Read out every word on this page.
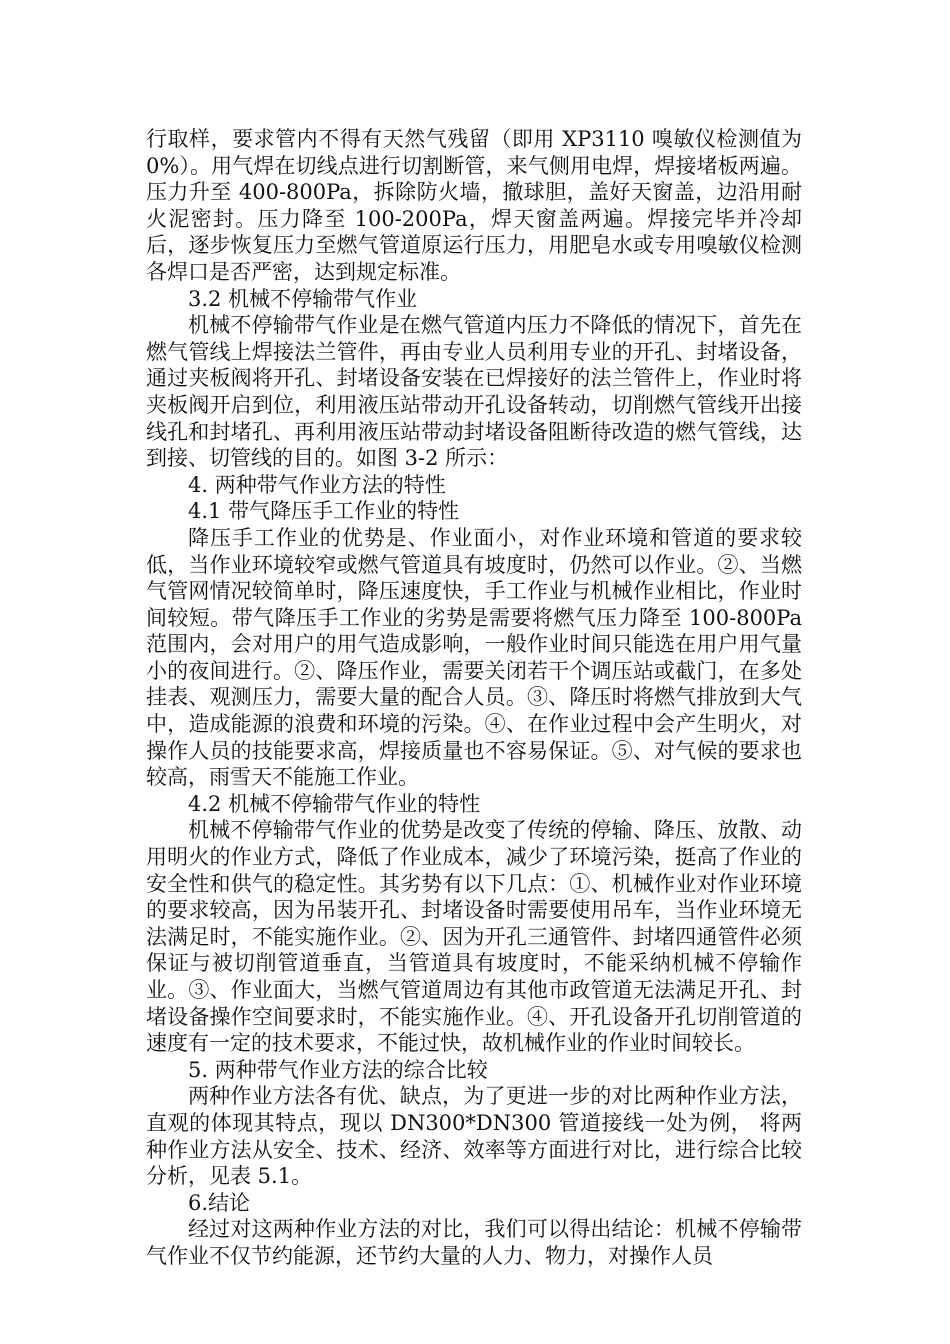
行取样，要求管内不得有天然气残留（即用 XP3110 嗅敏仪检测值为 0%）。用气焊在切线点进行切割断管，来气侧用电焊，焊接堵板两遍。压力升至 400-800Pa，拆除防火墙，撤球胆，盖好天窗盖，边沿用耐火泥密封。压力降至 100-200Pa，焊天窗盖两遍。焊接完毕并冷却后，逐步恢复压力至燃气管道原运行压力，用肥皂水或专用嗅敏仪检测各焊口是否严密，达到规定标准。

3.2 机械不停输带气作业

机械不停输带气作业是在燃气管道内压力不降低的情况下，首先在燃气管线上焊接法兰管件，再由专业人员利用专业的开孔、封堵设备，通过夹板阀将开孔、封堵设备安装在已焊接好的法兰管件上，作业时将夹板阀开启到位，利用液压站带动开孔设备转动，切削燃气管线开出接线孔和封堵孔、再利用液压站带动封堵设备阻断待改造的燃气管线，达到接、切管线的目的。如图 3-2 所示：

4. 两种带气作业方法的特性

4.1 带气降压手工作业的特性

降压手工作业的优势是、作业面小，对作业环境和管道的要求较低，当作业环境较窄或燃气管道具有坡度时，仍然可以作业。②、当燃气管网情况较简单时，降压速度快，手工作业与机械作业相比，作业时间较短。带气降压手工作业的劣势是需要将燃气压力降至 100-800Pa 范围内，会对用户的用气造成影响，一般作业时间只能选在用户用气量小的夜间进行。②、降压作业，需要关闭若干个调压站或截门，在多处挂表、观测压力，需要大量的配合人员。③、降压时将燃气排放到大气中，造成能源的浪费和环境的污染。④、在作业过程中会产生明火，对操作人员的技能要求高，焊接质量也不容易保证。⑤、对气候的要求也较高，雨雪天不能施工作业。

4.2 机械不停输带气作业的特性

机械不停输带气作业的优势是改变了传统的停输、降压、放散、动用明火的作业方式，降低了作业成本，减少了环境污染，挺高了作业的安全性和供气的稳定性。其劣势有以下几点：①、机械作业对作业环境的要求较高，因为吊装开孔、封堵设备时需要使用吊车，当作业环境无法满足时，不能实施作业。②、因为开孔三通管件、封堵四通管件必须保证与被切削管道垂直，当管道具有坡度时，不能采纳机械不停输作业。③、作业面大，当燃气管道周边有其他市政管道无法满足开孔、封堵设备操作空间要求时，不能实施作业。④、开孔设备开孔切削管道的速度有一定的技术要求，不能过快，故机械作业的作业时间较长。

5. 两种带气作业方法的综合比较

两种作业方法各有优、缺点，为了更进一步的对比两种作业方法，直观的体现其特点，现以 DN300*DN300 管道接线一处为例， 将两种作业方法从安全、技术、经济、效率等方面进行对比，进行综合比较分析，见表 5.1。

6.结论

经过对这两种作业方法的对比，我们可以得出结论：机械不停输带气作业不仅节约能源，还节约大量的人力、物力，对操作人员
